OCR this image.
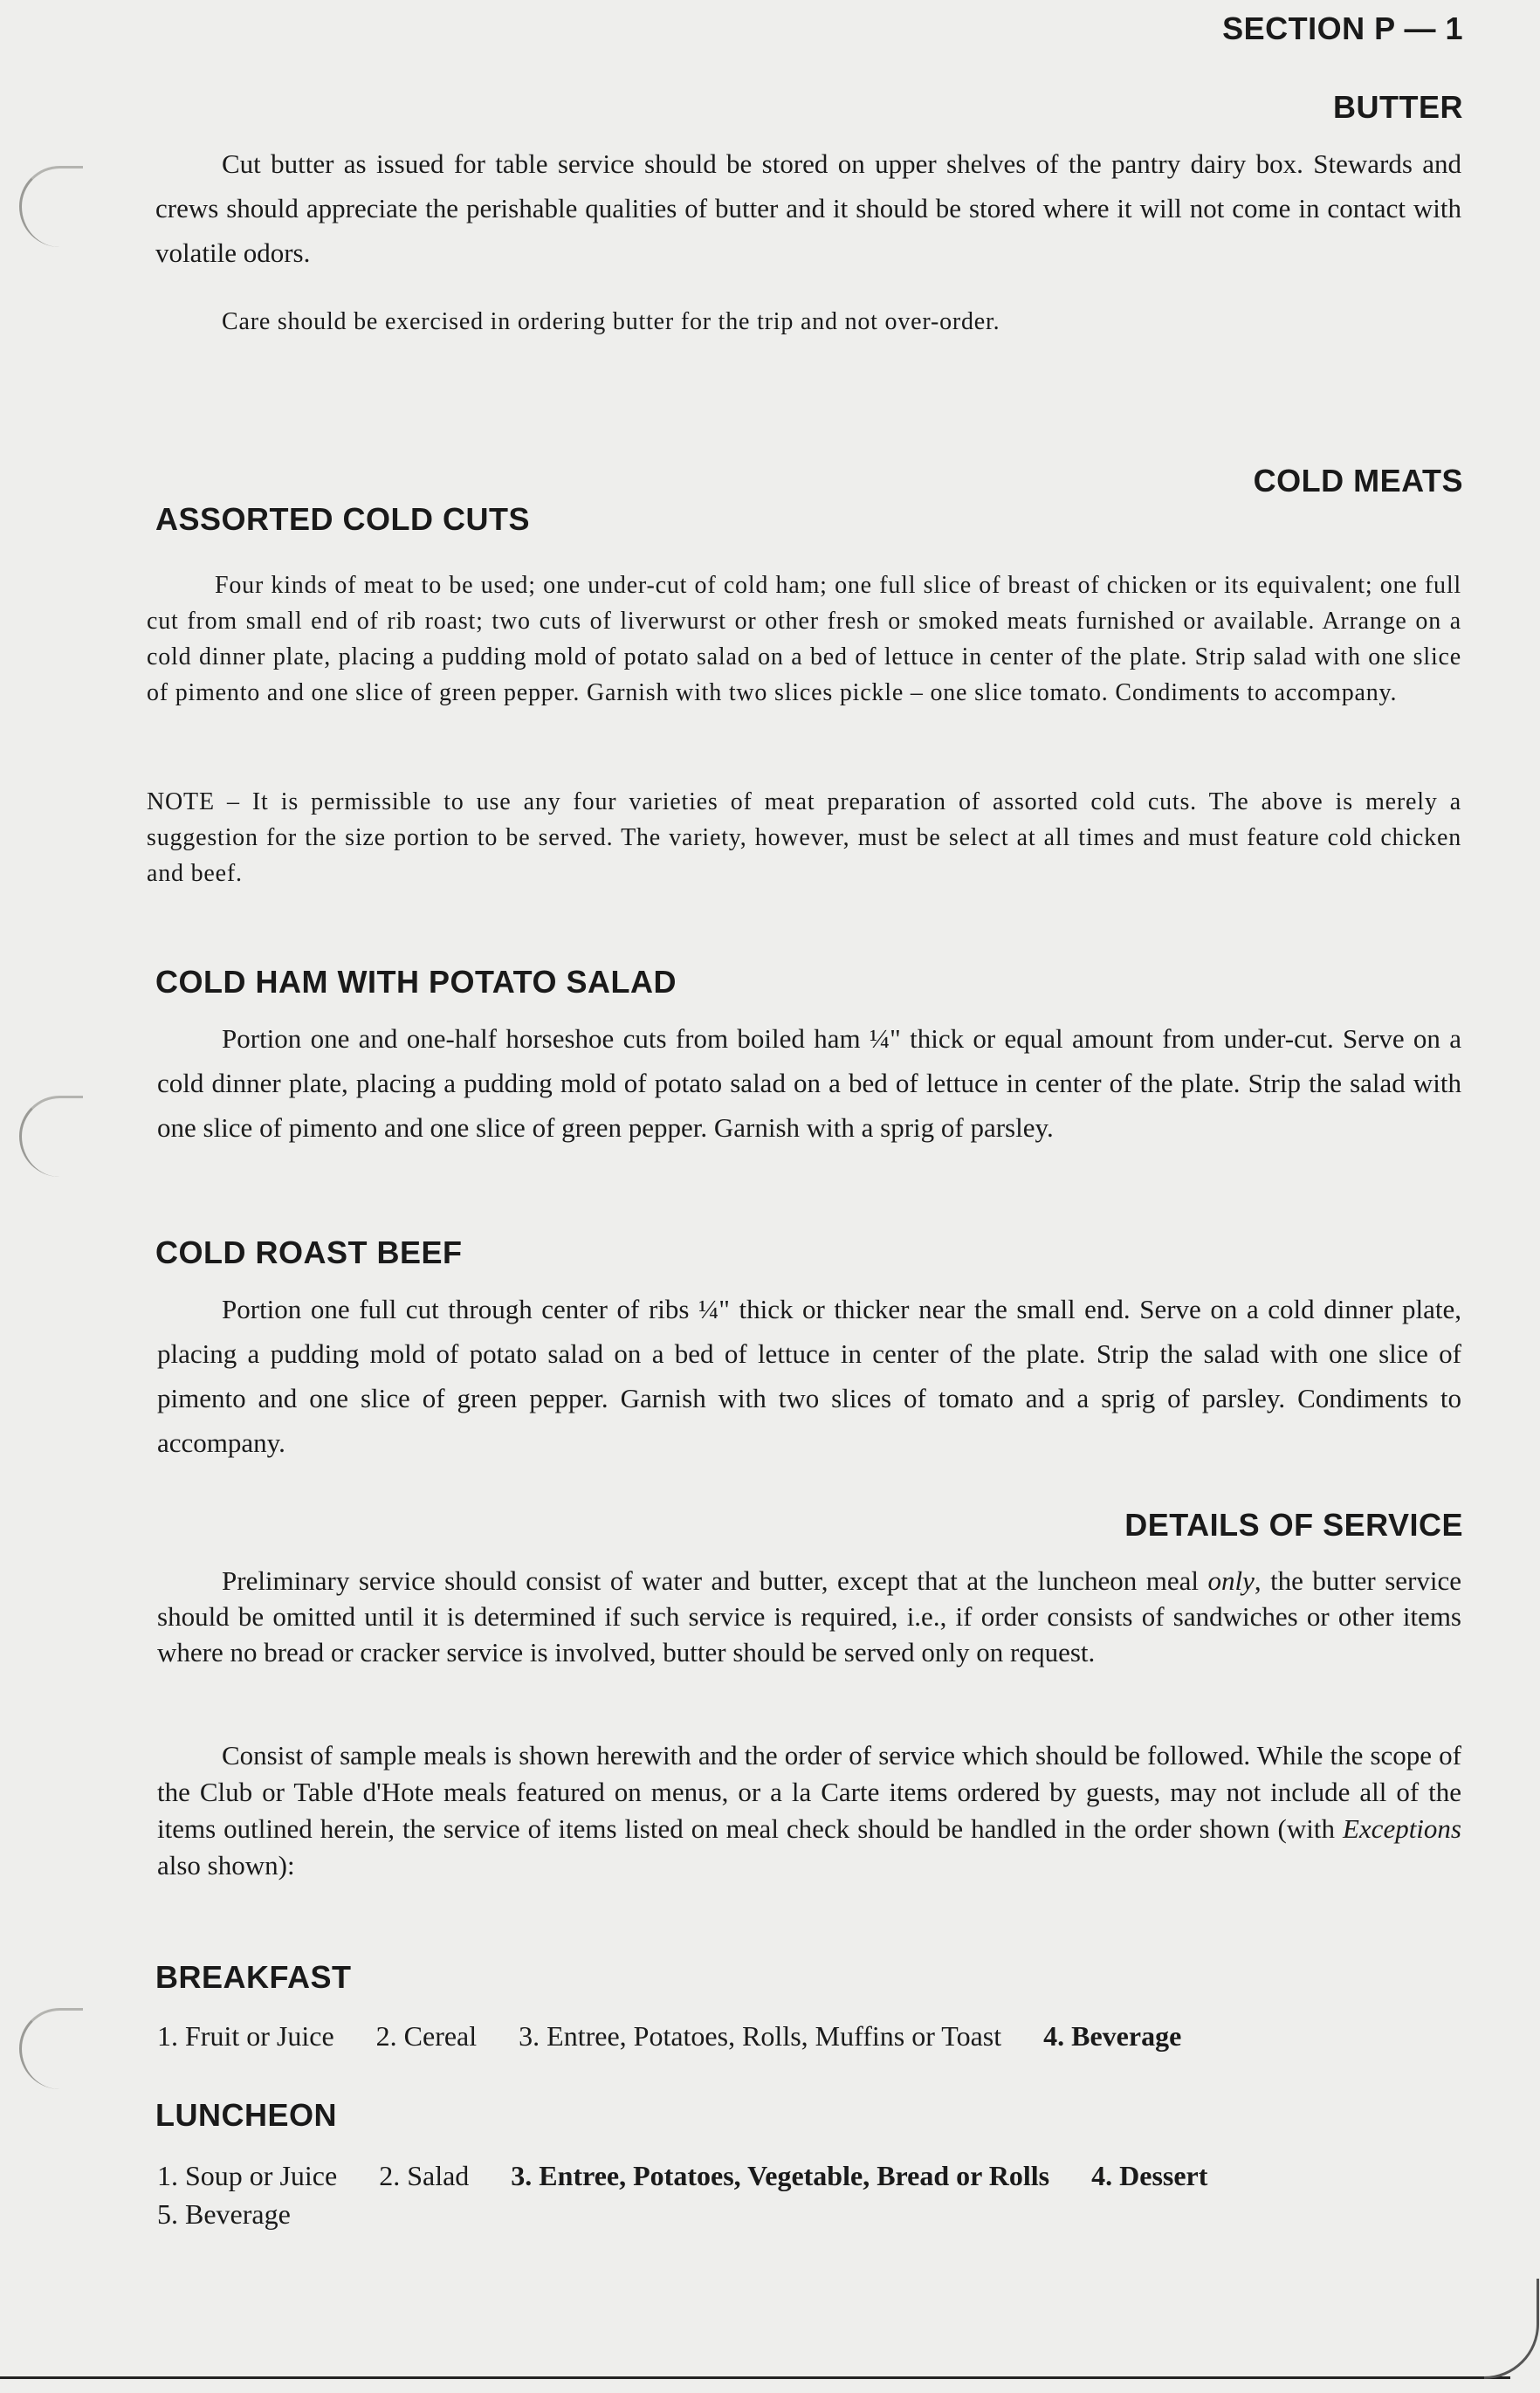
SECTION P — 1
BUTTER

Cut butter as issued for table service should be stored on upper shelves of the pantry dairy box. Stewards and crews should appreciate the perishable qualities of butter and it should be stored where it will not come in contact with volatile odors.

Care should be exercised in ordering butter for the trip and not over-order.

COLD MEATS
ASSORTED COLD CUTS

Four kinds of meat to be used; one under-cut of cold ham; one full slice of breast of chicken or its equivalent; one full cut from small end of rib roast; two cuts of liverwurst or other fresh or smoked meats furnished or available. Arrange on a cold dinner plate, placing a pudding mold of potato salad on a bed of lettuce in center of the plate. Strip salad with one slice of pimento and one slice of green pepper. Garnish with two slices pickle – one slice tomato. Condiments to accompany.

NOTE – It is permissible to use any four varieties of meat preparation of assorted cold cuts. The above is merely a suggestion for the size portion to be served. The variety, however, must be select at all times and must feature cold chicken and beef.

COLD HAM WITH POTATO SALAD

Portion one and one-half horseshoe cuts from boiled ham ¼" thick or equal amount from under-cut. Serve on a cold dinner plate, placing a pudding mold of potato salad on a bed of lettuce in center of the plate. Strip the salad with one slice of pimento and one slice of green pepper. Garnish with a sprig of parsley.

COLD ROAST BEEF

Portion one full cut through center of ribs ¼" thick or thicker near the small end. Serve on a cold dinner plate, placing a pudding mold of potato salad on a bed of lettuce in center of the plate. Strip the salad with one slice of pimento and one slice of green pepper. Garnish with two slices of tomato and a sprig of parsley. Condiments to accompany.

DETAILS OF SERVICE

Preliminary service should consist of water and butter, except that at the luncheon meal only, the butter service should be omitted until it is determined if such service is required, i.e., if order consists of sandwiches or other items where no bread or cracker service is involved, butter should be served only on request.

Consist of sample meals is shown herewith and the order of service which should be followed. While the scope of the Club or Table d'Hote meals featured on menus, or a la Carte items ordered by guests, may not include all of the items outlined herein, the service of items listed on meal check should be handled in the order shown (with Exceptions also shown):

BREAKFAST
1. Fruit or Juice 2. Cereal 3. Entree, Potatoes, Rolls, Muffins or Toast 4. Beverage
LUNCHEON
1. Soup or Juice 2. Salad 3. Entree, Potatoes, Vegetable, Bread or Rolls 4. Dessert
5. Beverage
